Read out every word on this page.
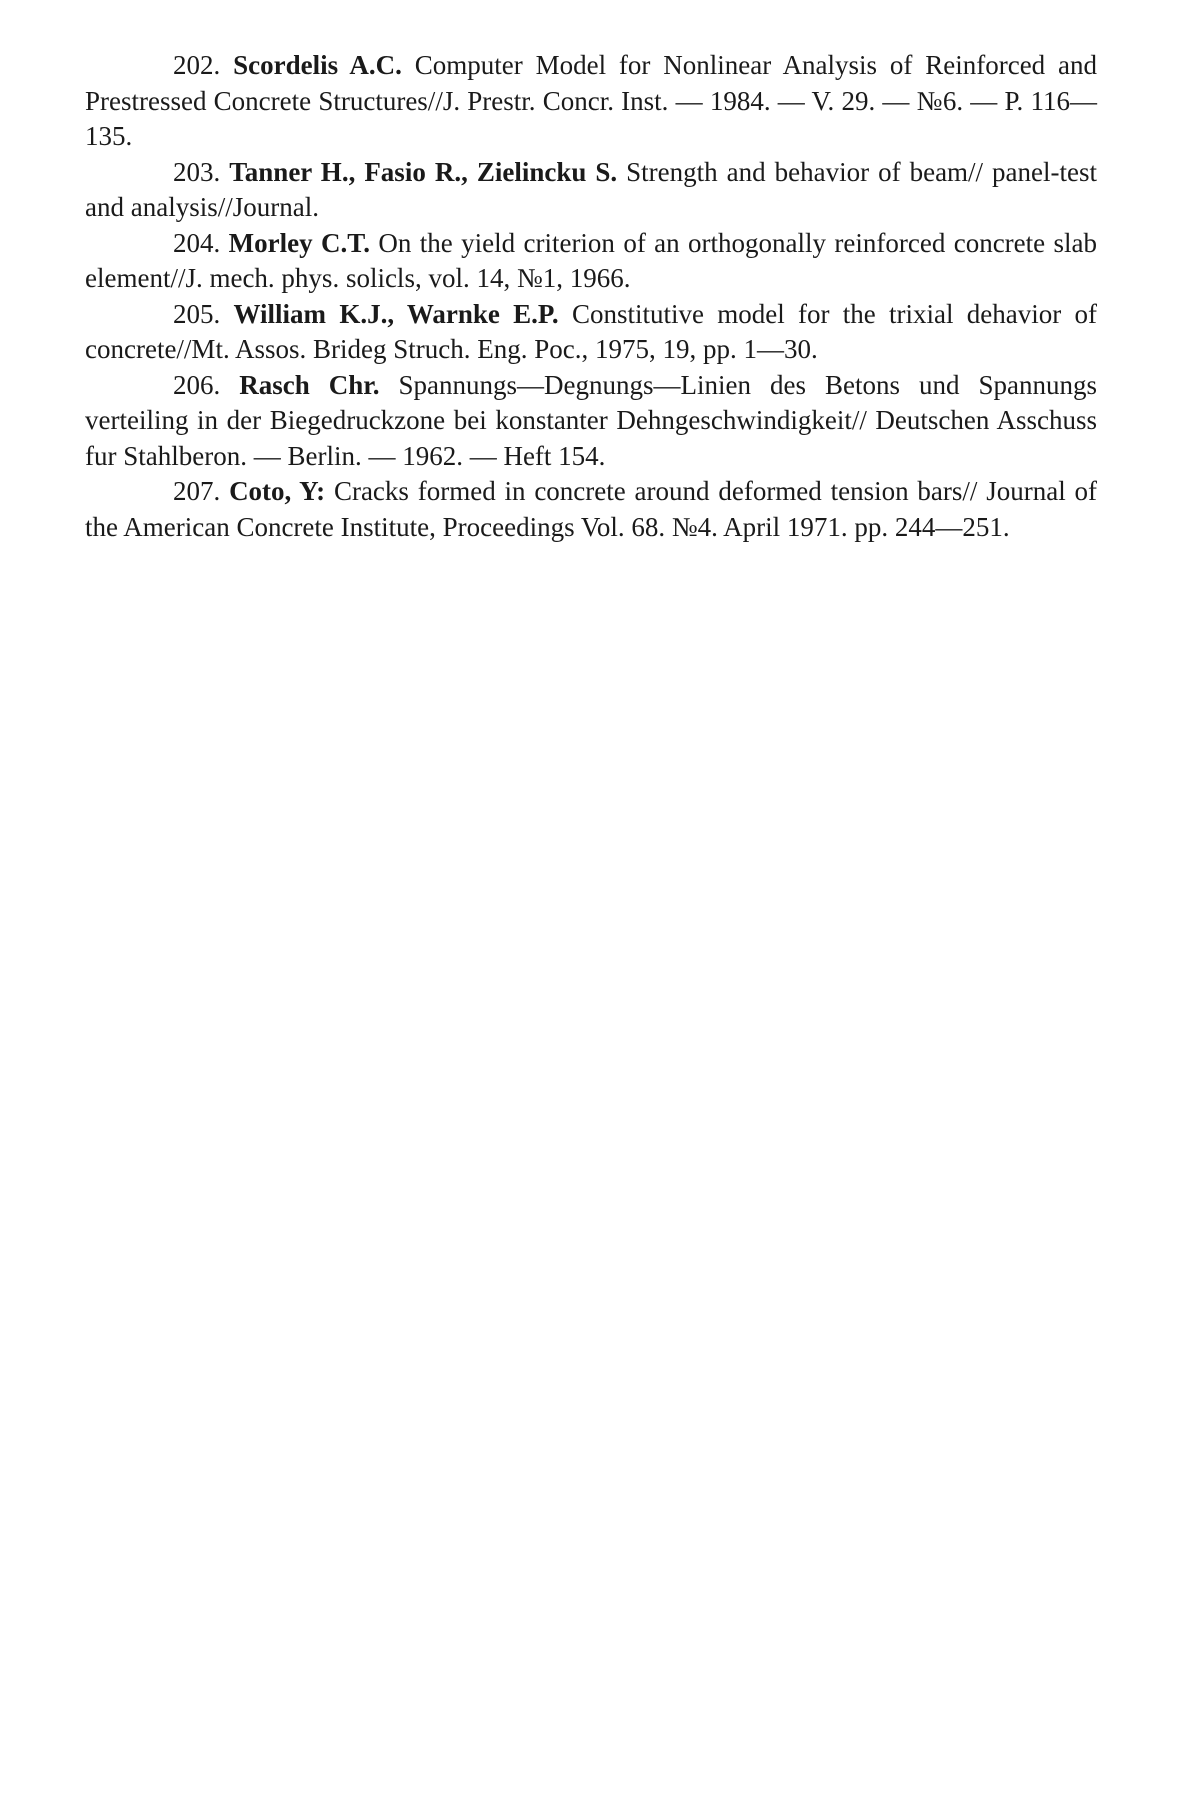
202. Scordelis A.C. Computer Model for Nonlinear Analysis of Reinforced and Prestressed Concrete Structures//J. Prestr. Concr. Inst. — 1984. — V. 29. — №6. — P. 116—135.

203. Tanner H., Fasio R., Zielincku S. Strength and behavior of beam// panel-test and analysis//Journal.

204. Morley C.T. On the yield criterion of an orthogonally reinforced concrete slab element//J. mech. phys. solicls, vol. 14, №1, 1966.

205. William K.J., Warnke E.P. Constitutive model for the trixial dehavior of concrete//Mt. Assos. Brideg Struch. Eng. Poc., 1975, 19, pp. 1—30.

206. Rasch Chr. Spannungs—Degnungs—Linien des Betons und Spannungs verteiling in der Biegedruckzone bei konstanter Dehngeschwindigkeit// Deutschen Asschuss fur Stahlberon. — Berlin. — 1962. — Heft 154.

207. Coto, Y: Cracks formed in concrete around deformed tension bars// Journal of the American Concrete Institute, Proceedings Vol. 68. №4. April 1971. pp. 244—251.
